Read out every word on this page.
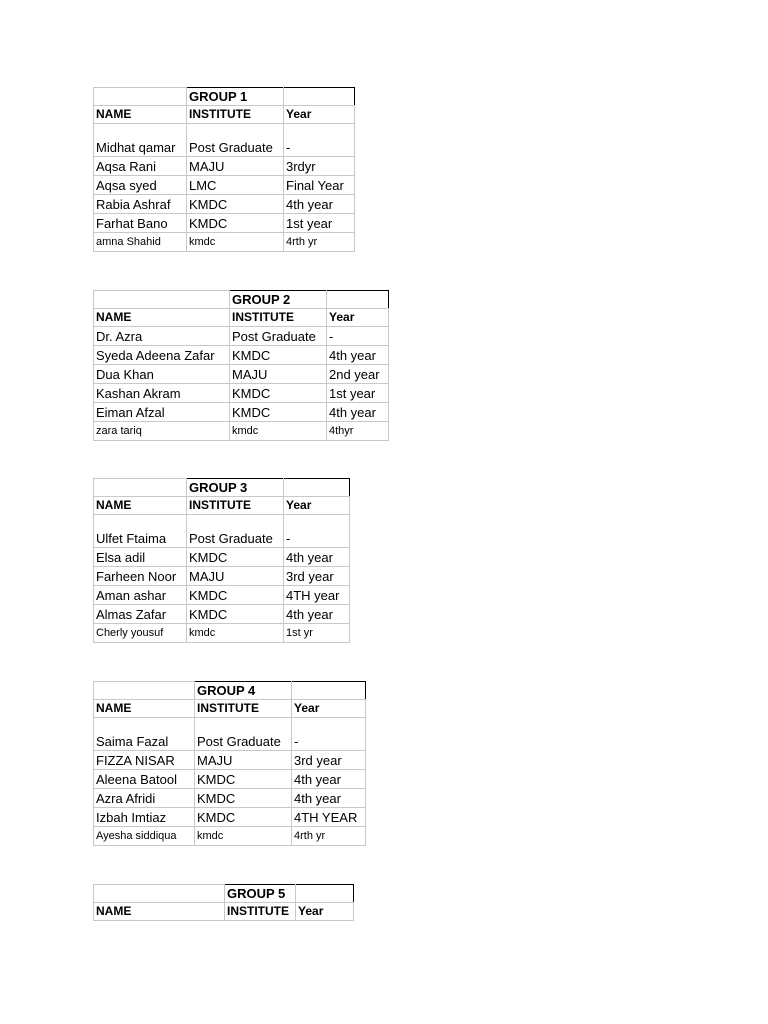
	GROUP 1	
NAME	INSTITUTE	Year
Midhat qamar	Post Graduate	-
Aqsa Rani	MAJU	3rdyr
Aqsa syed	LMC	Final Year
Rabia Ashraf	KMDC	4th year
Farhat Bano	KMDC	1st year
amna Shahid	kmdc	4rth yr
	GROUP 2	
NAME	INSTITUTE	Year
Dr. Azra	Post Graduate	-
Syeda Adeena Zafar	KMDC	4th year
Dua Khan	MAJU	2nd year
Kashan Akram	KMDC	1st year
Eiman Afzal	KMDC	4th year
zara tariq	kmdc	4thyr
	GROUP 3	
NAME	INSTITUTE	Year
Ulfet Ftaima	Post Graduate	-
Elsa adil	KMDC	4th year
Farheen Noor	MAJU	3rd year
Aman ashar	KMDC	4TH year
Almas Zafar	KMDC	4th year
Cherly yousuf	kmdc	1st yr
	GROUP 4	
NAME	INSTITUTE	Year
Saima Fazal	Post Graduate	-
FIZZA NISAR	MAJU	3rd year
Aleena Batool	KMDC	4th year
Azra Afridi	KMDC	4th year
Izbah Imtiaz	KMDC	4TH YEAR
Ayesha siddiqua	kmdc	4rth yr
	GROUP 5	
NAME	INSTITUTE	Year
